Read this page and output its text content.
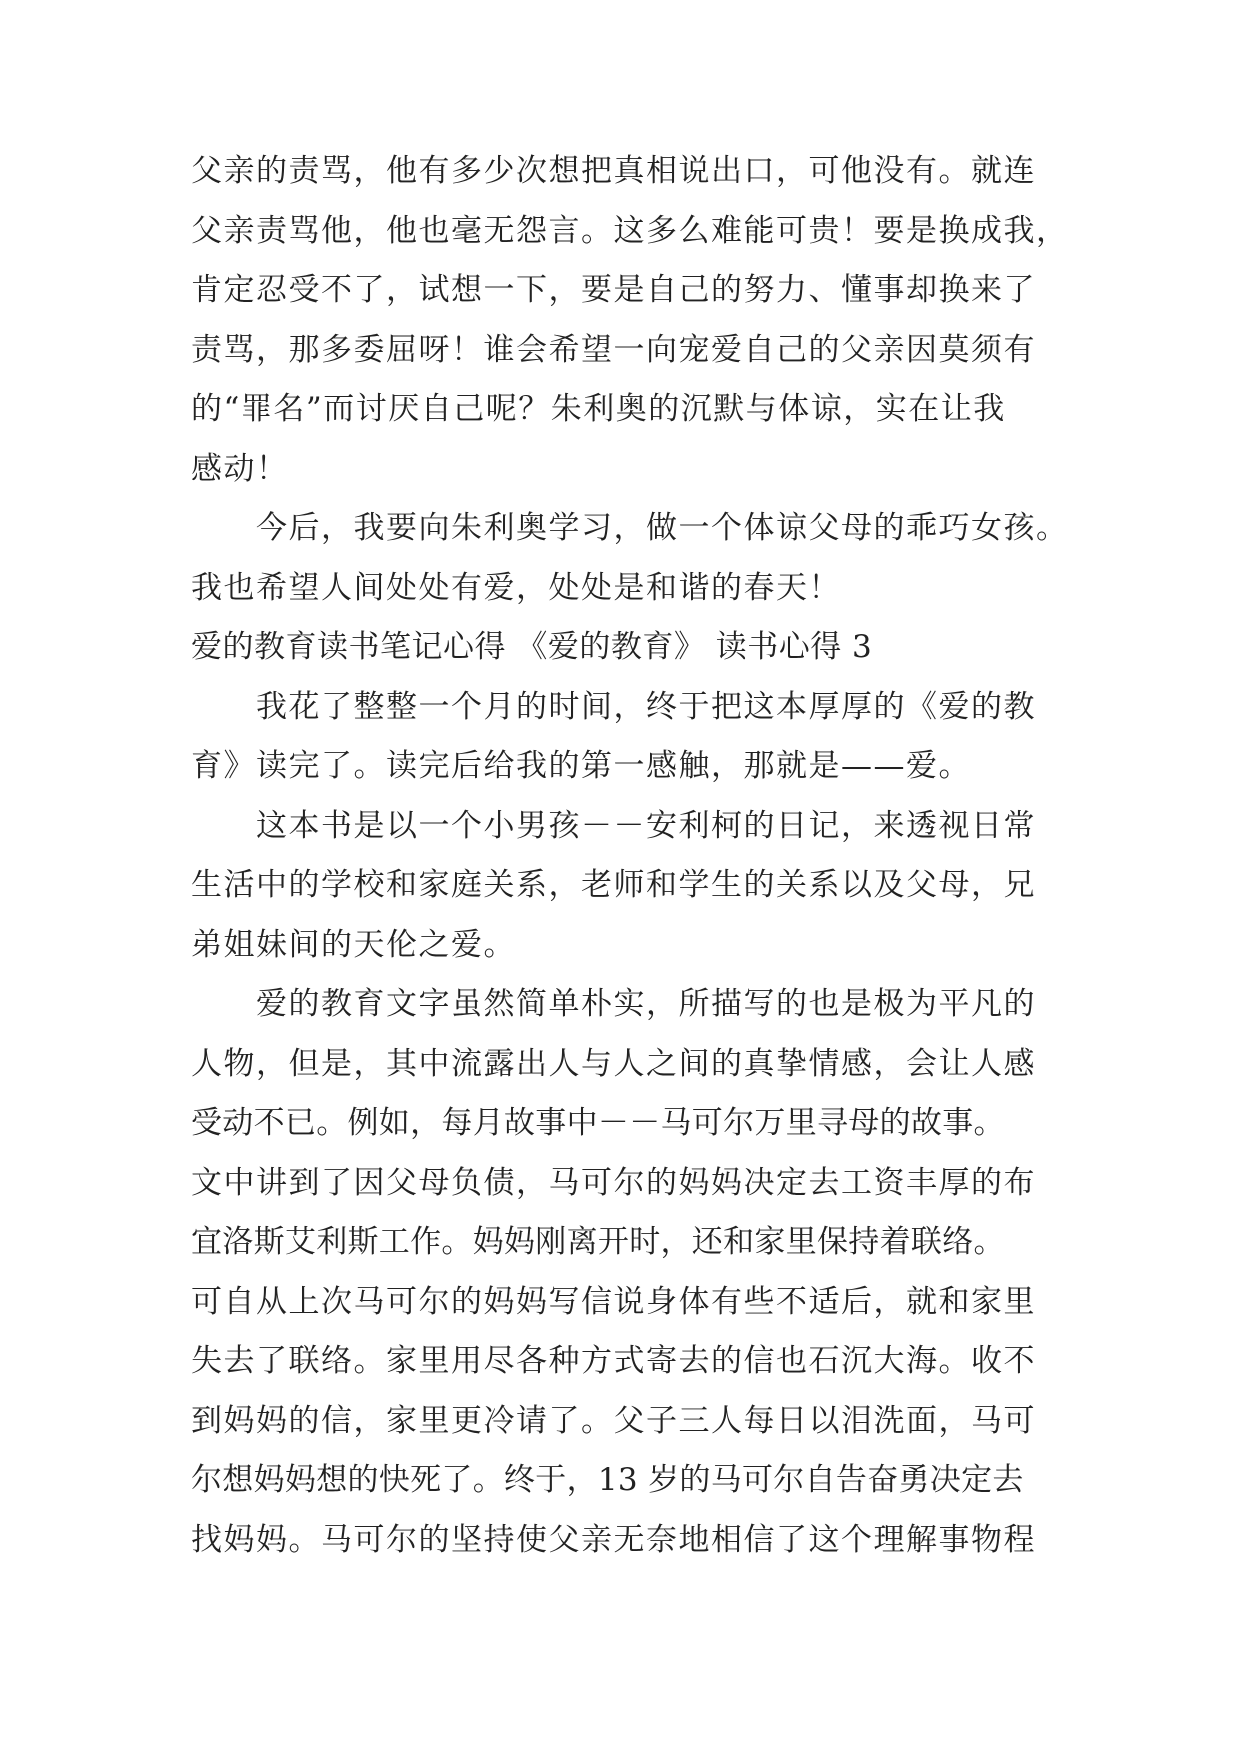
父亲的责骂，他有多少次想把真相说出口，可他没有。就连
父亲责骂他，他也毫无怨言。这多么难能可贵！要是换成我，
肯定忍受不了，试想一下，要是自己的努力、懂事却换来了
责骂，那多委屈呀！谁会希望一向宠爱自己的父亲因莫须有
的“罪名”而讨厌自己呢？朱利奥的沉默与体谅，实在让我
感动！
　　今后，我要向朱利奥学习，做一个体谅父母的乖巧女孩。
我也希望人间处处有爱，处处是和谐的春天！
爱的教育读书笔记心得 《爱的教育》 读书心得 3
　　我花了整整一个月的时间，终于把这本厚厚的《爱的教
育》读完了。读完后给我的第一感触，那就是——爱。
　　这本书是以一个小男孩－－安利柯的日记，来透视日常
生活中的学校和家庭关系，老师和学生的关系以及父母，兄
弟姐妹间的天伦之爱。
　　爱的教育文字虽然简单朴实，所描写的也是极为平凡的
人物，但是，其中流露出人与人之间的真挚情感，会让人感
受动不已。例如，每月故事中－－马可尔万里寻母的故事。
文中讲到了因父母负债，马可尔的妈妈决定去工资丰厚的布
宜洛斯艾利斯工作。妈妈刚离开时，还和家里保持着联络。
可自从上次马可尔的妈妈写信说身体有些不适后，就和家里
失去了联络。家里用尽各种方式寄去的信也石沉大海。收不
到妈妈的信，家里更冷请了。父子三人每日以泪洗面，马可
尔想妈妈想的快死了。终于，13 岁的马可尔自告奋勇决定去
找妈妈。马可尔的坚持使父亲无奈地相信了这个理解事物程
